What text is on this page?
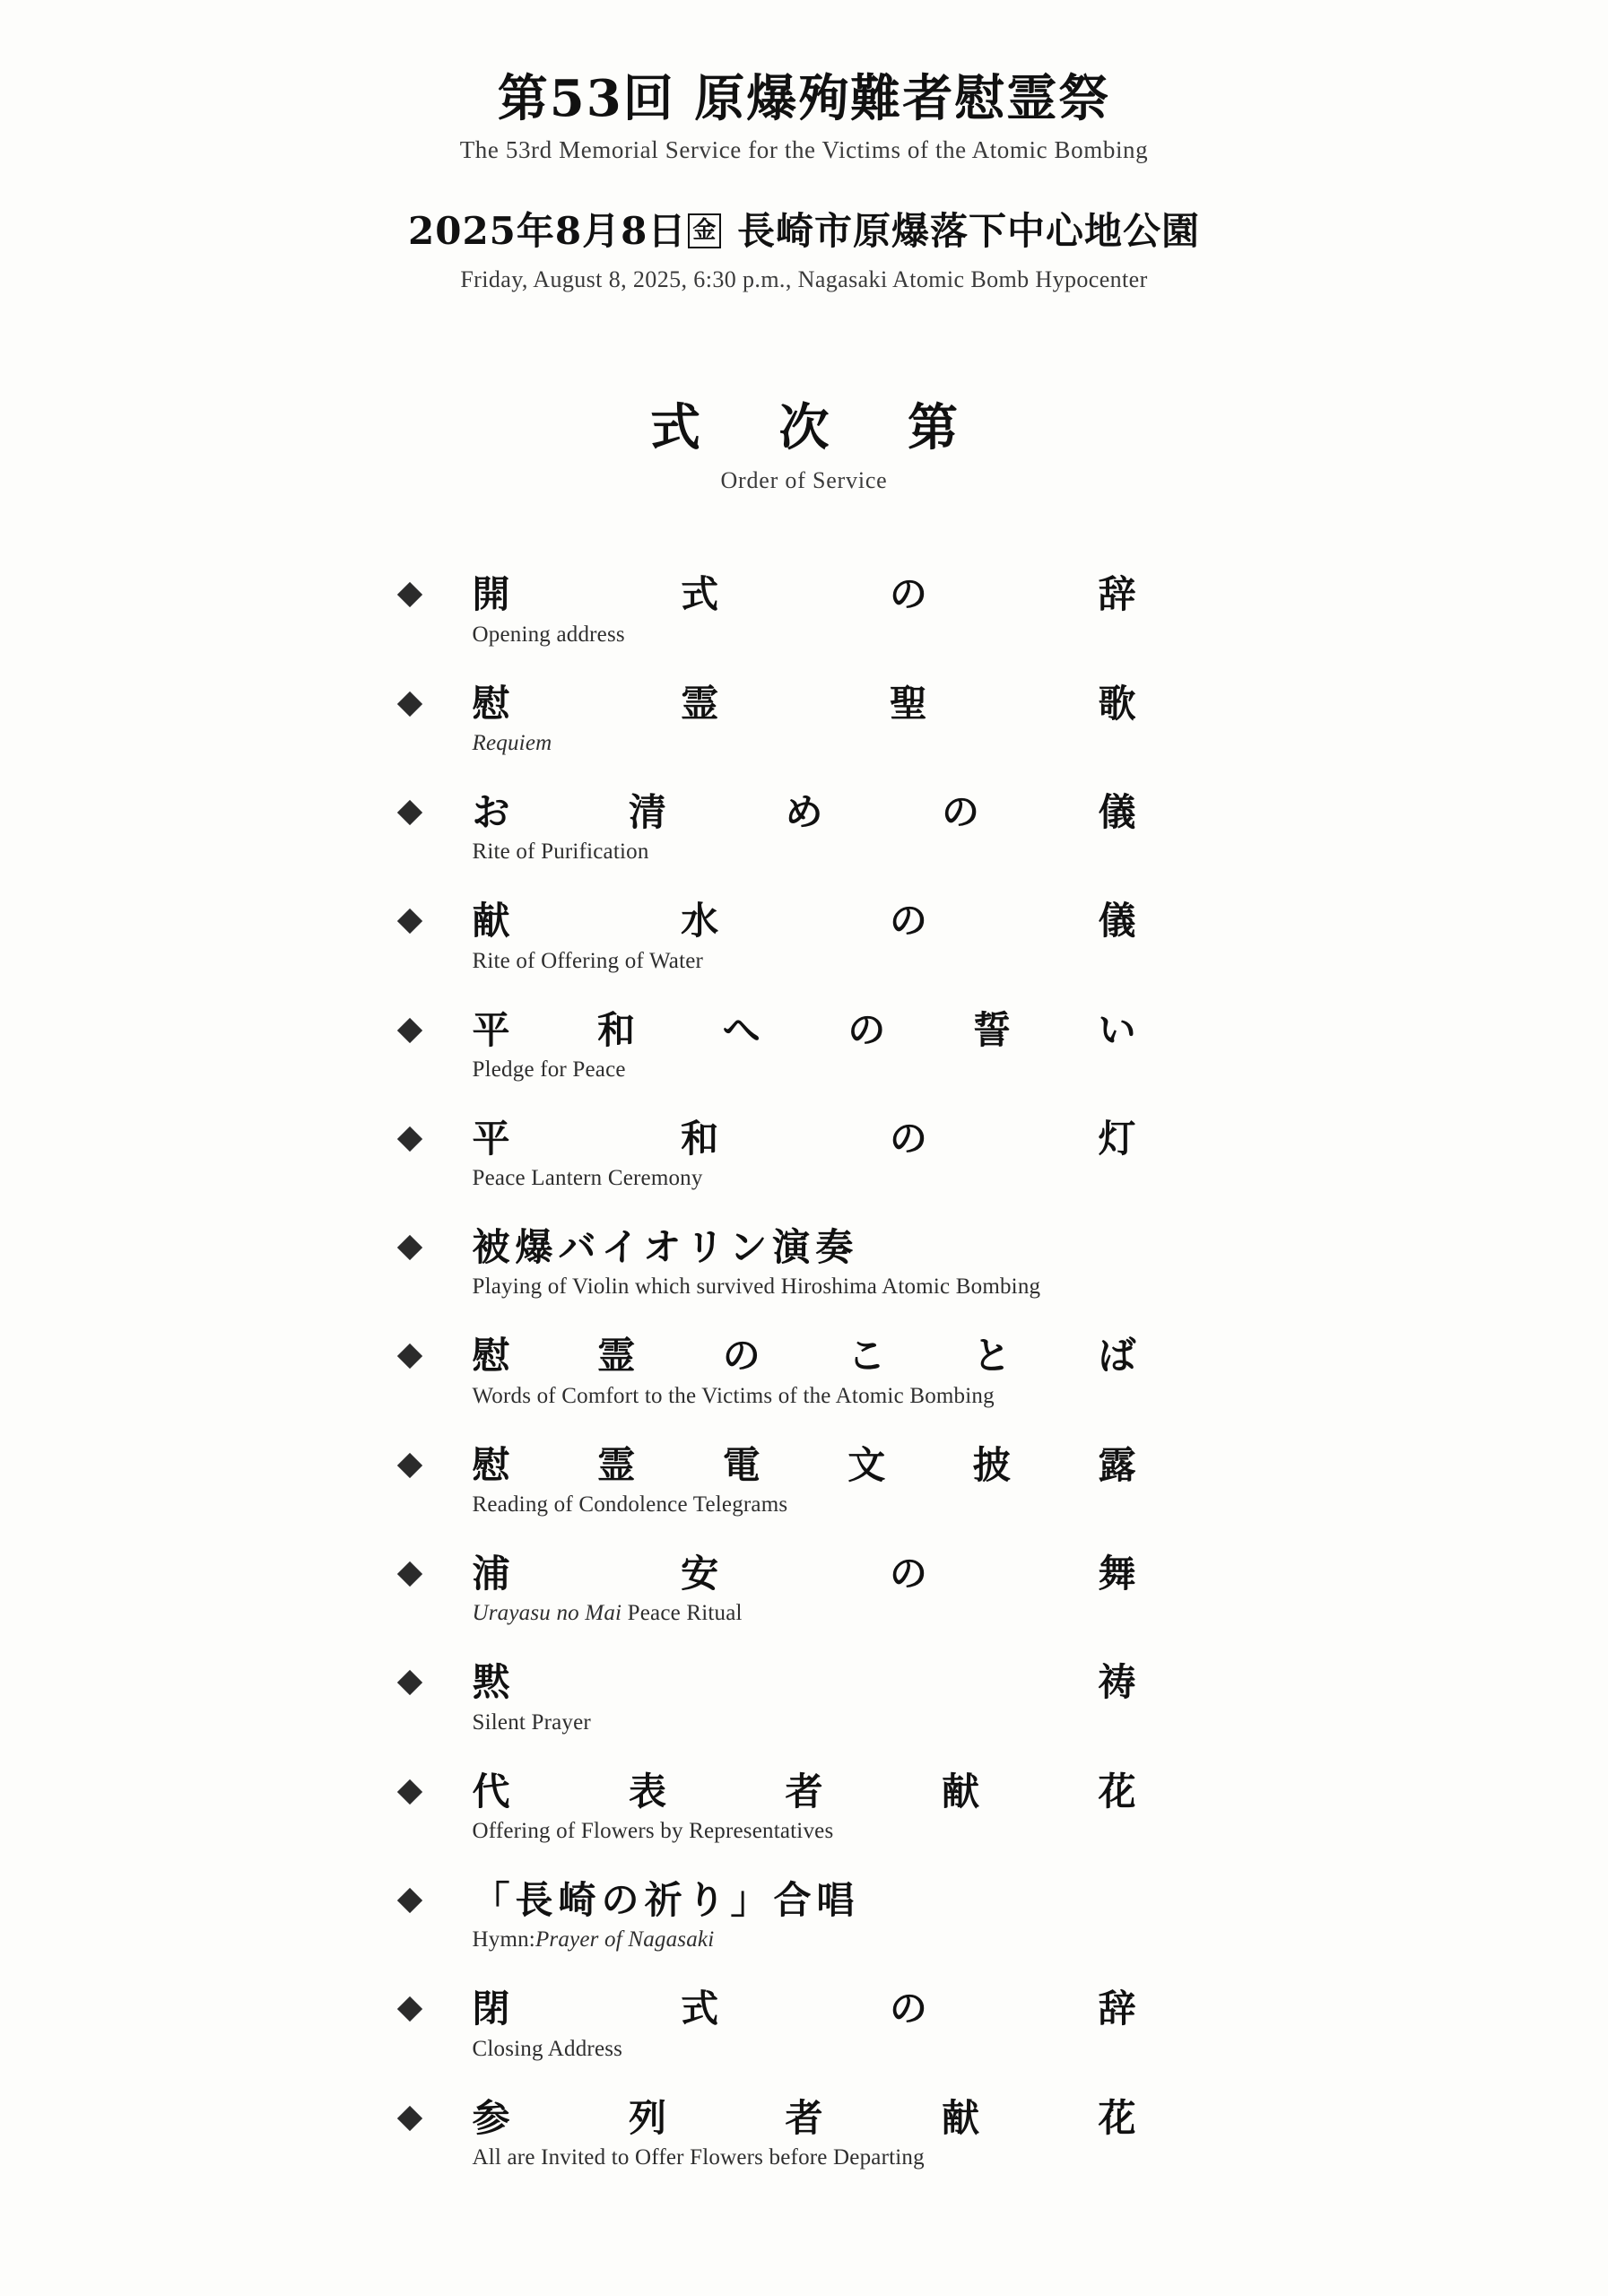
第53回 原爆殉難者慰霊祭
The 53rd Memorial Service for the Victims of the Atomic Bombing
2025年8月8日 金 長崎市原爆落下中心地公園
Friday, August 8, 2025, 6:30 p.m., Nagasaki Atomic Bomb Hypocenter
式 次 第
Order of Service
開	式	の	辞
Opening address
慰	霊	聖	歌
Requiem
お	清	め	の	儀
Rite of Purification
献	水	の	儀
Rite of Offering of Water
平 和 へ の 誓 い
Pledge for Peace
平	和	の	灯
Peace Lantern Ceremony
被爆バイオリン演奏
Playing of Violin which survived Hiroshima Atomic Bombing
慰 霊 の こ と ば
Words of Comfort to the Victims of the Atomic Bombing
慰 霊 電 文 披 露
Reading of Condolence Telegrams
浦	安	の	舞
Urayasu no Mai Peace Ritual
黙	祷
Silent Prayer
代	表	者	献	花
Offering of Flowers by Representatives
「長崎の祈り」合唱
Hymn:Prayer of Nagasaki
閉	式	の	辞
Closing Address
参	列	者	献	花
All are Invited to Offer Flowers before Departing
